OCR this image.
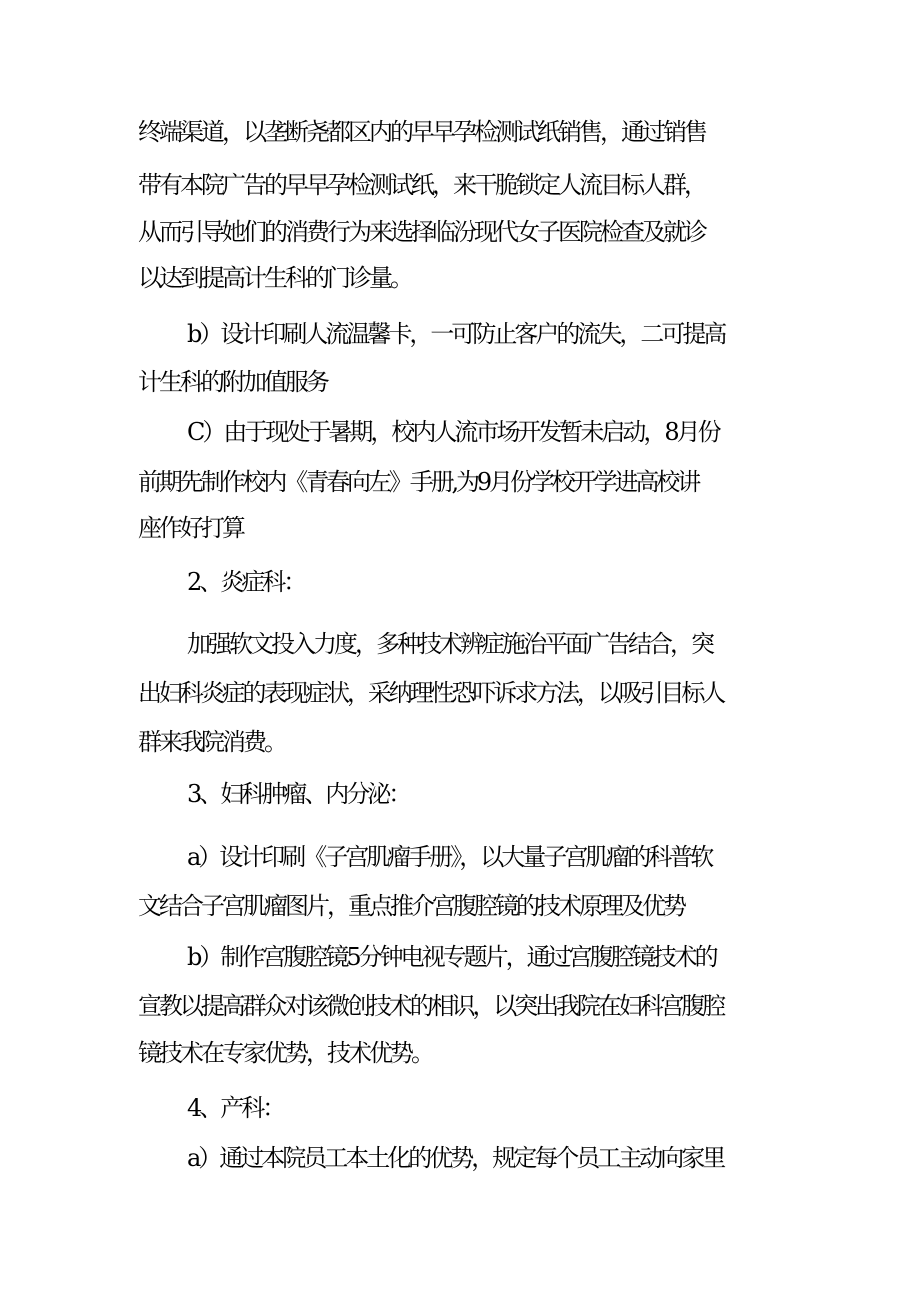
终端渠道，以垄断尧都区内的早早孕检测试纸销售，通过销售
带有本院广告的早早孕检测试纸，来干脆锁定人流目标人群，
从而引导她们的消费行为来选择临汾现代女子医院检查及就诊
以达到提高计生科的门诊量。
b）设计印刷人流温馨卡，一可防止客户的流失，二可提高
计生科的附加值服务
C）由于现处于暑期，校内人流市场开发暂未启动，8月份
前期先制作校内《青春向左》手册,为9月份学校开学进高校讲
座作好打算
2、炎症科：
加强软文投入力度，多种技术辨症施治平面广告结合，突
出妇科炎症的表现症状，采纳理性恐吓诉求方法，以吸引目标人
群来我院消费。
3、妇科肿瘤、内分泌：
a）设计印刷《子宫肌瘤手册》，以大量子宫肌瘤的科普软
文结合子宫肌瘤图片，重点推介宫腹腔镜的技术原理及优势
b）制作宫腹腔镜5分钟电视专题片，通过宫腹腔镜技术的
宣教以提高群众对该微创技术的相识，以突出我院在妇科宫腹腔
镜技术在专家优势，技术优势。
4、产科：
a）通过本院员工本土化的优势，规定每个员工主动向家里
